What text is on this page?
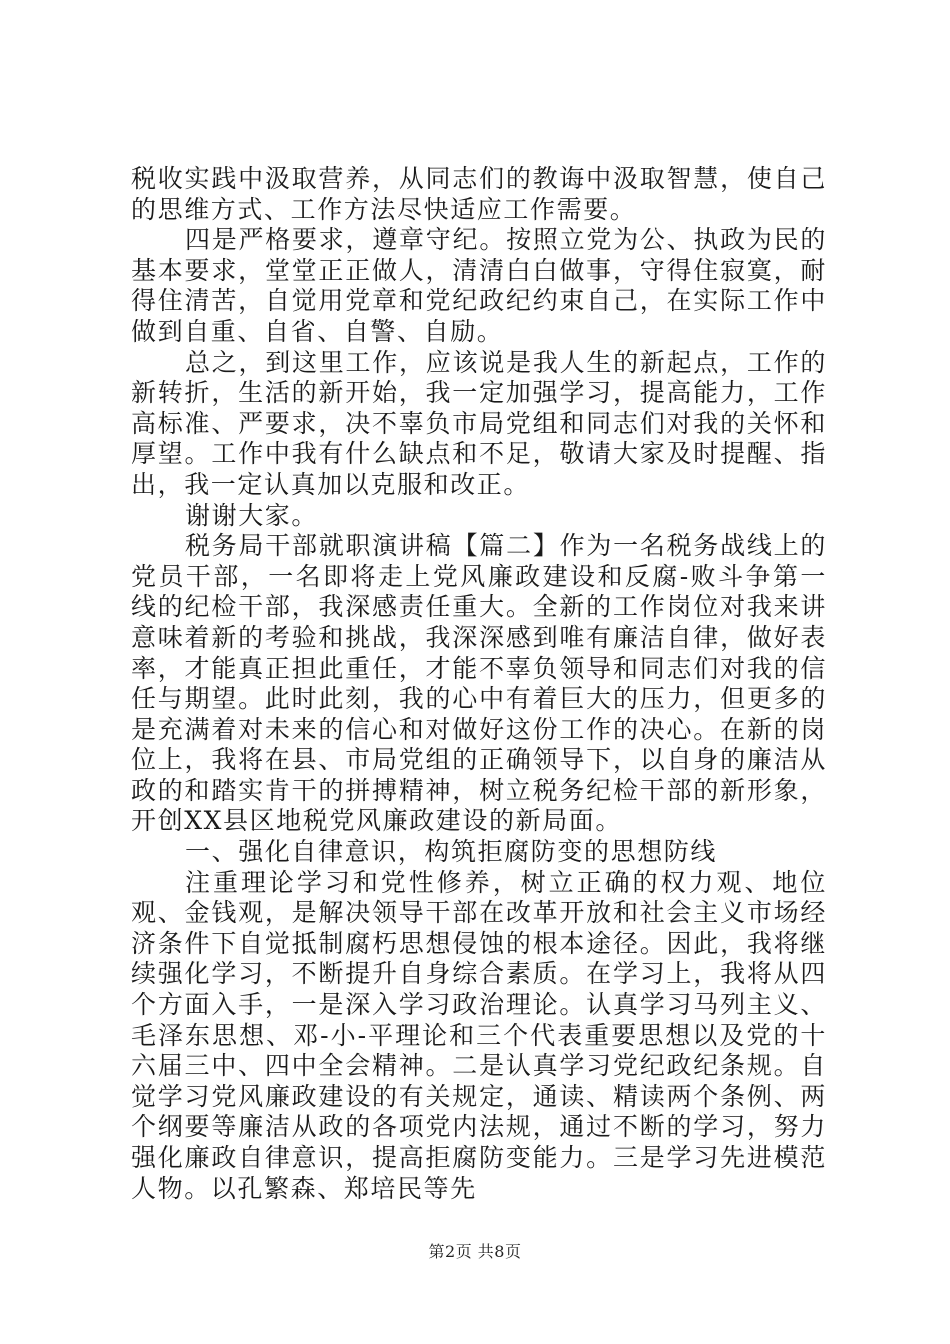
税收实践中汲取营养，从同志们的教诲中汲取智慧，使自己的思维方式、工作方法尽快适应工作需要。

四是严格要求，遵章守纪。按照立党为公、执政为民的基本要求，堂堂正正做人，清清白白做事，守得住寂寞，耐得住清苦，自觉用党章和党纪政纪约束自己，在实际工作中做到自重、自省、自警、自励。

总之，到这里工作，应该说是我人生的新起点，工作的新转折，生活的新开始，我一定加强学习，提高能力，工作高标准、严要求，决不辜负市局党组和同志们对我的关怀和厚望。工作中我有什么缺点和不足，敬请大家及时提醒、指出，我一定认真加以克服和改正。

谢谢大家。

税务局干部就职演讲稿【篇二】作为一名税务战线上的党员干部，一名即将走上党风廉政建设和反腐-败斗争第一线的纪检干部，我深感责任重大。全新的工作岗位对我来讲意味着新的考验和挑战，我深深感到唯有廉洁自律，做好表率，才能真正担此重任，才能不辜负领导和同志们对我的信任与期望。此时此刻，我的心中有着巨大的压力，但更多的是充满着对未来的信心和对做好这份工作的决心。在新的岗位上，我将在县、市局党组的正确领导下，以自身的廉洁从政的和踏实肯干的拼搏精神，树立税务纪检干部的新形象，开创XX县区地税党风廉政建设的新局面。

一、强化自律意识，构筑拒腐防变的思想防线

注重理论学习和党性修养，树立正确的权力观、地位观、金钱观，是解决领导干部在改革开放和社会主义市场经济条件下自觉抵制腐朽思想侵蚀的根本途径。因此，我将继续强化学习，不断提升自身综合素质。在学习上，我将从四个方面入手，一是深入学习政治理论。认真学习马列主义、毛泽东思想、邓-小-平理论和三个代表重要思想以及党的十六届三中、四中全会精神。二是认真学习党纪政纪条规。自觉学习党风廉政建设的有关规定，通读、精读两个条例、两个纲要等廉洁从政的各项党内法规，通过不断的学习，努力强化廉政自律意识，提高拒腐防变能力。三是学习先进模范人物。以孔繁森、郑培民等先

第2页 共8页
